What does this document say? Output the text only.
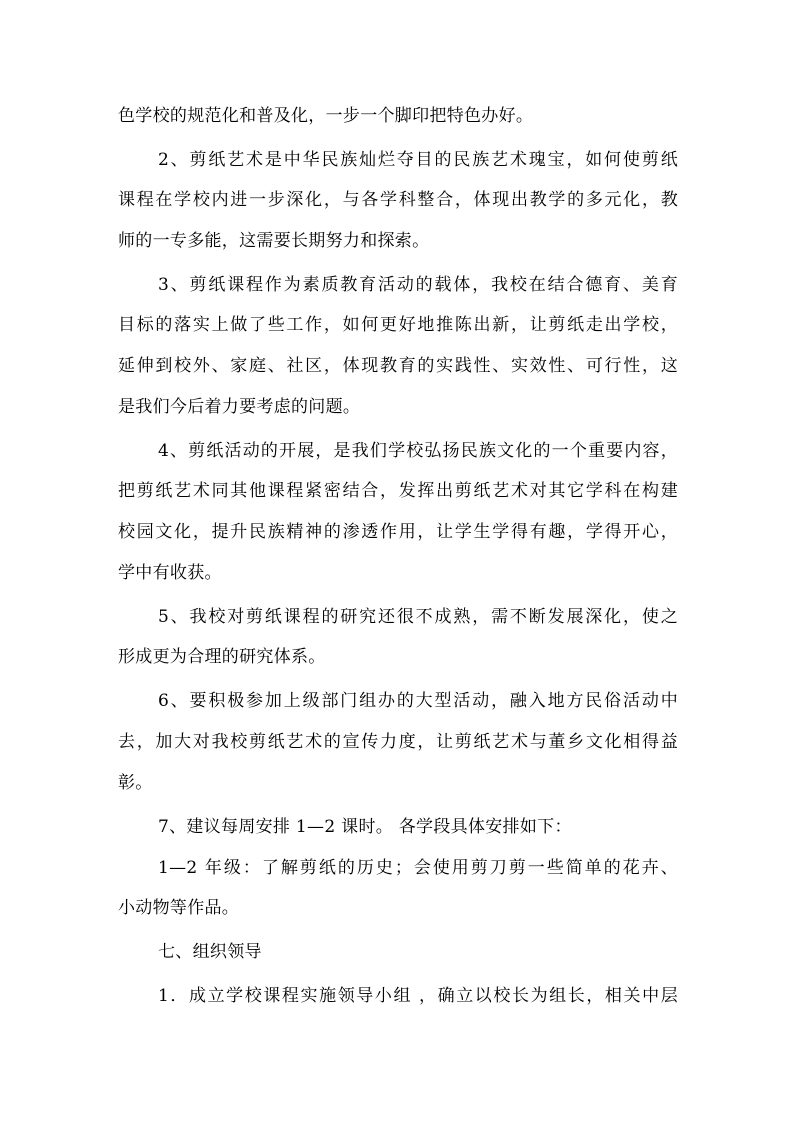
色学校的规范化和普及化，一步一个脚印把特色办好。
2、剪纸艺术是中华民族灿烂夺目的民族艺术瑰宝，如何使剪纸
课程在学校内进一步深化，与各学科整合，体现出教学的多元化，教
师的一专多能，这需要长期努力和探索。
3、剪纸课程作为素质教育活动的载体，我校在结合德育、美育
目标的落实上做了些工作，如何更好地推陈出新，让剪纸走出学校，
延伸到校外、家庭、社区，体现教育的实践性、实效性、可行性，这
是我们今后着力要考虑的问题。
4、剪纸活动的开展，是我们学校弘扬民族文化的一个重要内容，
把剪纸艺术同其他课程紧密结合，发挥出剪纸艺术对其它学科在构建
校园文化，提升民族精神的渗透作用，让学生学得有趣，学得开心，
学中有收获。
5、我校对剪纸课程的研究还很不成熟，需不断发展深化，使之
形成更为合理的研究体系。
6、要积极参加上级部门组办的大型活动，融入地方民俗活动中
去，加大对我校剪纸艺术的宣传力度，让剪纸艺术与董乡文化相得益
彰。
7、建议每周安排 1—2 课时。 各学段具体安排如下：
1—2 年级：了解剪纸的历史；会使用剪刀剪一些简单的花卉、
小动物等作品。
七、组织领导
1．成立学校课程实施领导小组 ，确立以校长为组长，相关中层
